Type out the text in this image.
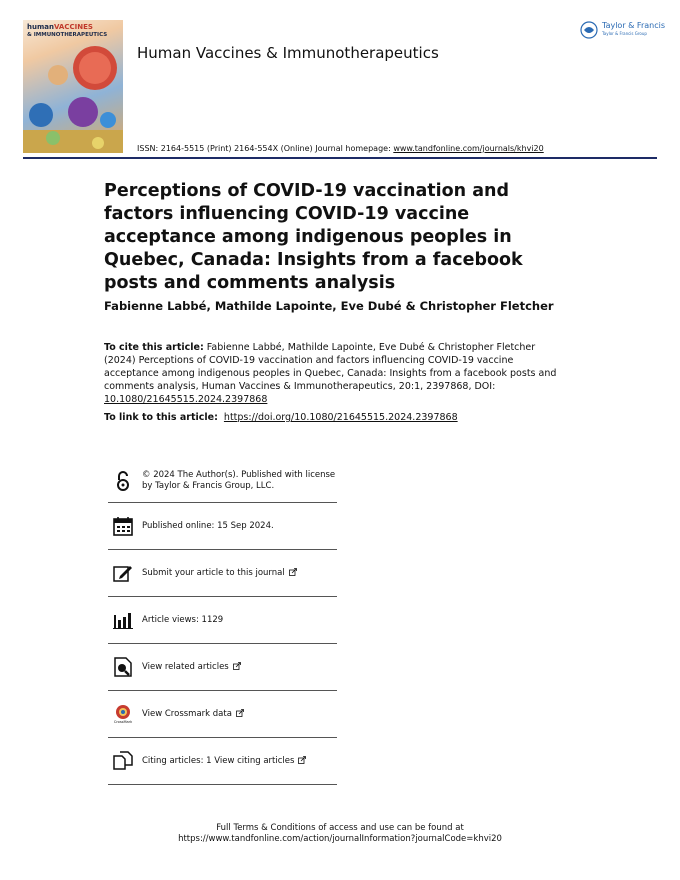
humanVACCINES
& IMMUNOTHERAPEUTICS
Human Vaccines & Immunotherapeutics
Taylor & Francis
Taylor & Francis Group
ISSN: 2164-5515 (Print) 2164-554X (Online) Journal homepage: www.tandfonline.com/journals/khvi20
Perceptions of COVID-19 vaccination and factors influencing COVID-19 vaccine acceptance among indigenous peoples in Quebec, Canada: Insights from a facebook posts and comments analysis
Fabienne Labbé, Mathilde Lapointe, Eve Dubé & Christopher Fletcher
To cite this article: Fabienne Labbé, Mathilde Lapointe, Eve Dubé & Christopher Fletcher (2024) Perceptions of COVID-19 vaccination and factors influencing COVID-19 vaccine acceptance among indigenous peoples in Quebec, Canada: Insights from a facebook posts and comments analysis, Human Vaccines & Immunotherapeutics, 20:1, 2397868, DOI: 10.1080/21645515.2024.2397868
To link to this article: https://doi.org/10.1080/21645515.2024.2397868
© 2024 The Author(s). Published with license by Taylor & Francis Group, LLC.
Published online: 15 Sep 2024.
Submit your article to this journal
Article views: 1129
View related articles
CrossMark
View Crossmark data
Citing articles: 1 View citing articles
Full Terms & Conditions of access and use can be found at
https://www.tandfonline.com/action/journalInformation?journalCode=khvi20
